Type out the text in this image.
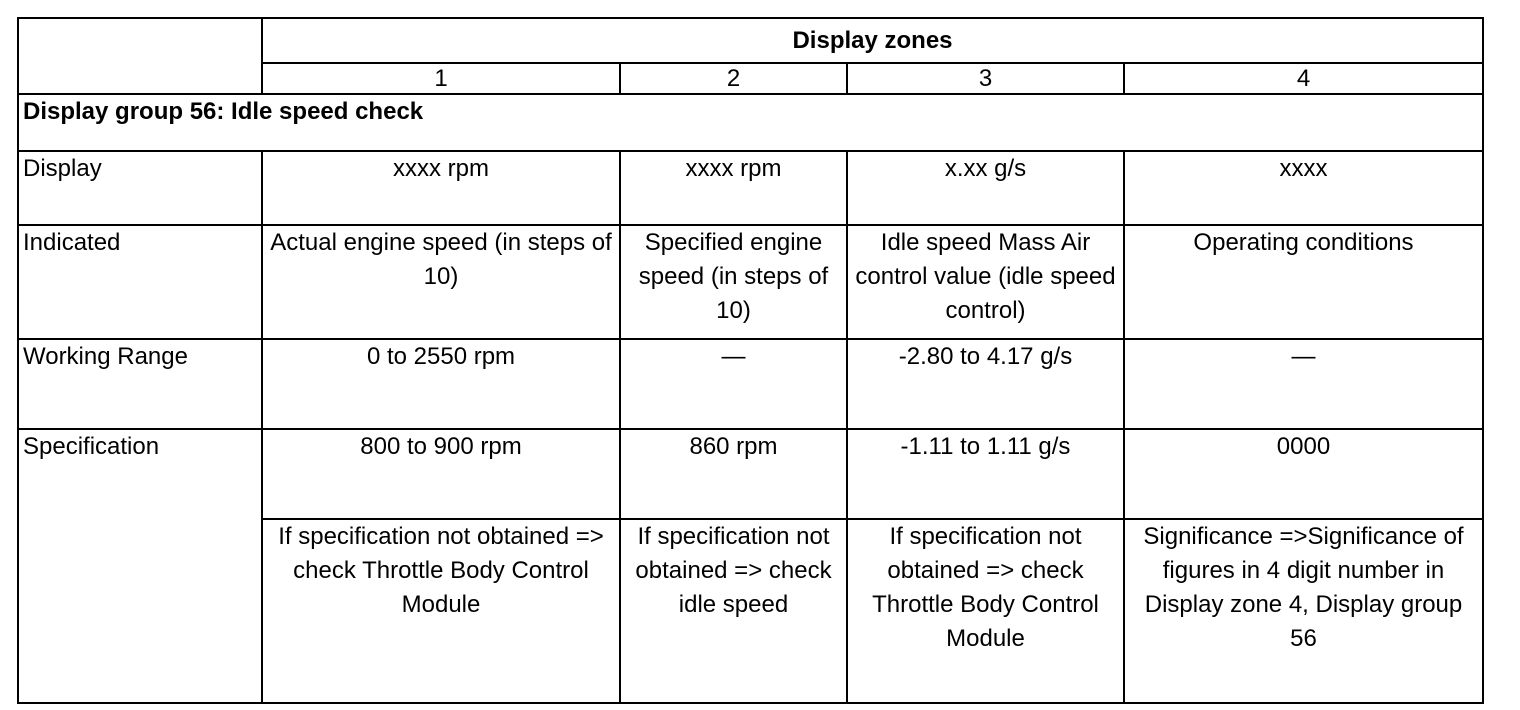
	Display zones			
	1	2	3	4
Display group 56: Idle speed check				
Display	xxxx rpm	xxxx rpm	x.xx g/s	xxxx
Indicated	Actual engine speed (in steps of 10)	Specified engine speed (in steps of 10)	Idle speed Mass Air control value (idle speed control)	Operating conditions
Working Range	0 to 2550 rpm	—	-2.80 to 4.17 g/s	—
Specification	800 to 900 rpm	860 rpm	-1.11 to 1.11 g/s	0000
	If specification not obtained => check Throttle Body Control Module	If specification not obtained => check idle speed	If specification not obtained => check Throttle Body Control Module	Significance =>Significance of figures in 4 digit number in Display zone 4, Display group 56
